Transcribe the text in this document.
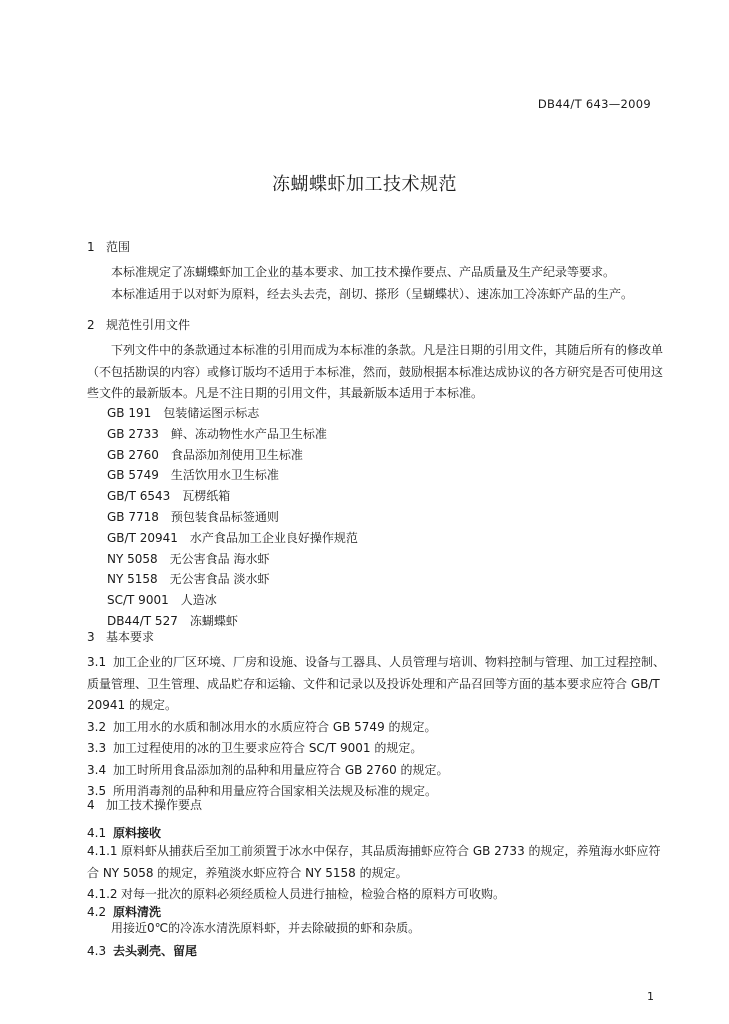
DB44/T 643—2009
冻蝴蝶虾加工技术规范
1 范围

本标准规定了冻蝴蝶虾加工企业的基本要求、加工技术操作要点、产品质量及生产纪录等要求。

本标准适用于以对虾为原料，经去头去壳，剖切、搽形（呈蝴蝶状）、速冻加工冷冻虾产品的生产。

2 规范性引用文件

下列文件中的条款通过本标准的引用而成为本标准的条款。凡是注日期的引用文件，其随后所有的修改单（不包括勘误的内容）或修订版均不适用于本标准，然而，鼓励根据本标准达成协议的各方研究是否可使用这些文件的最新版本。凡是不注日期的引用文件，其最新版本适用于本标准。

GB 191　包装储运图示标志

GB 2733　鲜、冻动物性水产品卫生标准

GB 2760　食品添加剂使用卫生标准

GB 5749　生活饮用水卫生标准

GB/T 6543　瓦楞纸箱

GB 7718　预包装食品标签通则

GB/T 20941　水产食品加工企业良好操作规范

NY 5058　无公害食品 海水虾

NY 5158　无公害食品 淡水虾

SC/T 9001　人造冰

DB44/T 527　冻蝴蝶虾

3 基本要求

3.1 加工企业的厂区环境、厂房和设施、设备与工器具、人员管理与培训、物料控制与管理、加工过程控制、质量管理、卫生管理、成品贮存和运输、文件和记录以及投诉处理和产品召回等方面的基本要求应符合 GB/T 20941 的规定。

3.2 加工用水的水质和制冰用水的水质应符合 GB 5749 的规定。

3.3 加工过程使用的冰的卫生要求应符合 SC/T 9001 的规定。

3.4 加工时所用食品添加剂的品种和用量应符合 GB 2760 的规定。

3.5 所用消毒剂的品种和用量应符合国家相关法规及标准的规定。

4 加工技术操作要点
4.1 原料接收

4.1.1 原料虾从捕获后至加工前须置于冰水中保存，其品质海捕虾应符合 GB 2733 的规定，养殖海水虾应符合 NY 5058 的规定，养殖淡水虾应符合 NY 5158 的规定。

4.1.2 对每一批次的原料必须经质检人员进行抽检，检验合格的原料方可收购。

4.2 原料清洗

用接近0℃的冷冻水清洗原料虾，并去除破损的虾和杂质。

4.3 去头剥壳、留尾
1
